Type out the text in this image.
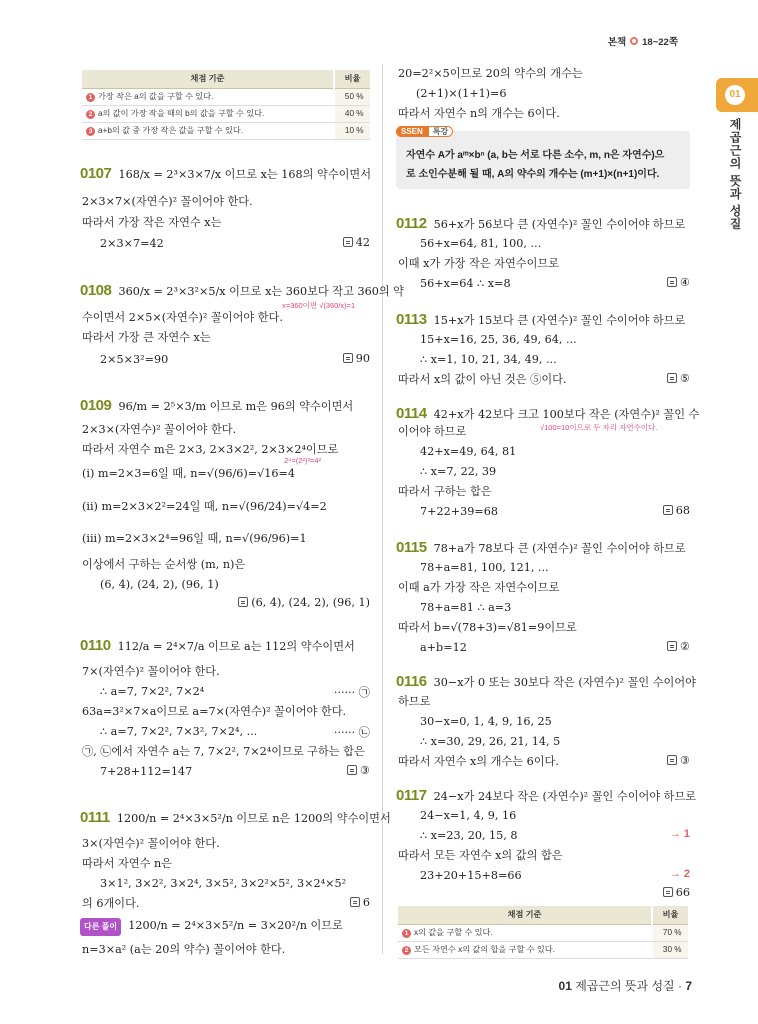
본책 18~22쪽
01
제곱근의 뜻과 성질
채점 기준	비율
1 가장 작은 a의 값을 구할 수 있다.	50 %
2 a의 값이 가장 작을 때의 b의 값을 구할 수 있다.	40 %
3 a+b의 값 중 가장 작은 값을 구할 수 있다.	10 %
0107 168/x = 2³×3×7/x 이므로 x는 168의 약수이면서
2×3×7×(자연수)² 꼴이어야 한다.
따라서 가장 작은 자연수 x는
2×3×7=42	42
0108 360/x = 2³×3²×5/x 이므로 x는 360보다 작고 360의 약
x=360이면 √(360/x)=1
수이면서 2×5×(자연수)² 꼴이어야 한다.
따라서 가장 큰 자연수 x는
2×5×3²=90	90
0109 96/m = 2⁵×3/m 이므로 m은 96의 약수이면서
2×3×(자연수)² 꼴이어야 한다.
따라서 자연수 m은 2×3, 2×3×2², 2×3×2⁴이므로
2⁴=(2²)²=4²
(i) m=2×3=6일 때, n=√(96/6)=√16=4
(ii) m=2×3×2²=24일 때, n=√(96/24)=√4=2
(iii) m=2×3×2⁴=96일 때, n=√(96/96)=1
이상에서 구하는 순서쌍 (m, n)은
(6, 4), (24, 2), (96, 1)
(6, 4), (24, 2), (96, 1)
0110 112/a = 2⁴×7/a 이므로 a는 112의 약수이면서
7×(자연수)² 꼴이어야 한다.
∴ a=7, 7×2², 7×2⁴	······ ㉠
63a=3²×7×a이므로 a=7×(자연수)² 꼴이어야 한다.
∴ a=7, 7×2², 7×3², 7×2⁴, ...	······ ㉡
㉠, ㉡에서 자연수 a는 7, 7×2², 7×2⁴이므로 구하는 합은
7+28+112=147	③
0111 1200/n = 2⁴×3×5²/n 이므로 n은 1200의 약수이면서
3×(자연수)² 꼴이어야 한다.
따라서 자연수 n은
3×1², 3×2², 3×2⁴, 3×5², 3×2²×5², 3×2⁴×5²
의 6개이다.	6
다른 풀이 1200/n = 2⁴×3×5²/n = 3×20²/n 이므로
n=3×a² (a는 20의 약수) 꼴이어야 한다.
20=2²×5이므로 20의 약수의 개수는
(2+1)×(1+1)=6
따라서 자연수 n의 개수는 6이다.
SSEN 특강
자연수 A가 aᵐ×bⁿ (a, b는 서로 다른 소수, m, n은 자연수)으
로 소인수분해 될 때, A의 약수의 개수는 (m+1)×(n+1)이다.
0112 56+x가 56보다 큰 (자연수)² 꼴인 수이어야 하므로
56+x=64, 81, 100, ...
이때 x가 가장 작은 자연수이므로
56+x=64 ∴ x=8	④
0113 15+x가 15보다 큰 (자연수)² 꼴인 수이어야 하므로
15+x=16, 25, 36, 49, 64, ...
∴ x=1, 10, 21, 34, 49, ...
따라서 x의 값이 아닌 것은 ⑤이다.	⑤
0114 42+x가 42보다 크고 100보다 작은 (자연수)² 꼴인 수
√100=10이므로 두 자리 자연수이다.
이어야 하므로
42+x=49, 64, 81
∴ x=7, 22, 39
따라서 구하는 합은
7+22+39=68	68
0115 78+a가 78보다 큰 (자연수)² 꼴인 수이어야 하므로
78+a=81, 100, 121, ...
이때 a가 가장 작은 자연수이므로
78+a=81 ∴ a=3
따라서 b=√(78+3)=√81=9이므로
a+b=12	②
0116 30−x가 0 또는 30보다 작은 (자연수)² 꼴인 수이어야
하므로
30−x=0, 1, 4, 9, 16, 25
∴ x=30, 29, 26, 21, 14, 5
따라서 자연수 x의 개수는 6이다.	③
0117 24−x가 24보다 작은 (자연수)² 꼴인 수이어야 하므로
24−x=1, 4, 9, 16
∴ x=23, 20, 15, 8	→ 1
따라서 모든 자연수 x의 값의 합은
23+20+15+8=66	→ 2
66
채점 기준	비율
1 x의 값을 구할 수 있다.	70 %
2 모든 자연수 x의 값의 합을 구할 수 있다.	30 %
01 제곱근의 뜻과 성질 · 7
